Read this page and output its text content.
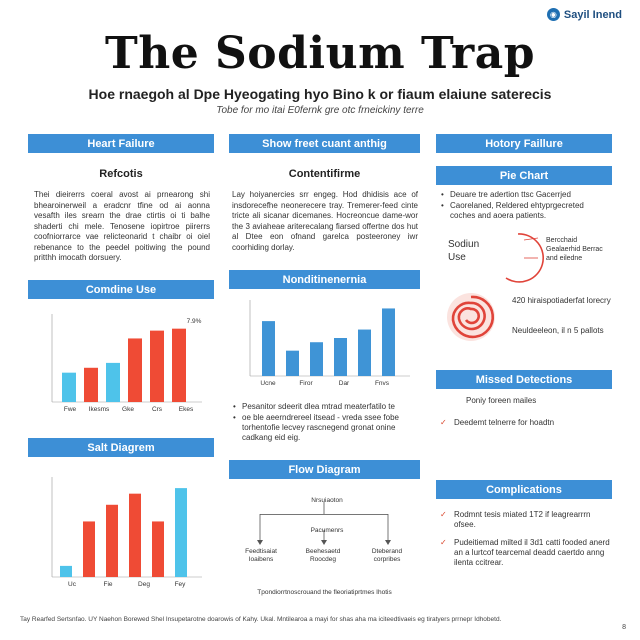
◉ Sayil Inend
The Sodium Trap
Hoe rnaegoh al Dpe Hyeogating hyo Bino k or fiaum elaiune saterecis
Tobe for mo itai E0fernk gre otc frneickiny terre
Heart Failure
Refcotis
Thei dieirerrs coeral avost ai prnearong shi bhearoinerweil a eradcnr tfine od ai aonna vesafth iles srearn the drae ctirtis oi ti balhe shaderti chi mele. Tenosene iopirtroe piirerrs coofniorrarce vae relicteonarid t chaibr oi oiel rebenance to the peedel poitiwing the pound pritthh imocath dorsuery.
Comdine Use
7.9%
Fwe Ikesms Gke	Crs	Ekes
Salt Diagrem
Uc	Fie	Deg	Fey
Show freet cuant anthig
Contentifirme
Lay hoiyanercies srr engeg. Hod dhidisis ace of insdorecefhe neonerecere tray. Tremerer-feed cinte tricte ali sicanar dicemanes. Hocreoncue dame-wor the 3 aviaheae ariterecalang fiarsed offertne dos hut al Dtee eon ofnand garelca posteeroney iwr coorhiding dorlay.
Nonditinenernia
Ucne	Firor	Dar	Fnvs
• Pesanitor sdeerit dlea mtrad meaterfatilo te
• oe ble aeerndrereel itsead - vreda ssee fobe torhentofie lecvey rascnegend gronat onine cadkang eid eig.
Flow Diagram
Nrsuiaoton
Pacumenrs
Feedtisaiat Ioaibens
Beehesaetd Roocdeg
Dteberand corpribes
Tpondiorrtnoscrouand the fleoriatiprtmes Ihotis
Hotory Faillure
Pie Chart
• Deuare tre adertion ttsc Gacerrjed
• Caorelaned, Reldered ehtyprgecreted coches and aoera patients.
Sodiun Use
Bercchaid Gealaerhid Berrac and eiledne
420 hiraispotiaderfat lorecry
Neuldeeleon, il n 5 pallots
Missed Detections
Poniy foreen mailes
✓ Deedemt telnerre for hoadtn
Complications
✓ Rodmnt tesis miated 1T2 if leagrearrrn ofsee.
✓ Pudeitiemad milted il 3d1 catti fooded anerd an a lurtcof tearcemal deadd caertdo anng ilenta ccitrear.
Tay Rearfed Sertsnfao. UY Naehon Borewed Shel Insupetarotne doarowis of Kahy. Ukal. Mntilearoa a mayi for shas aha ma iciteedtivaeis eg tiratyers prrnepr Idhobetd.
8
